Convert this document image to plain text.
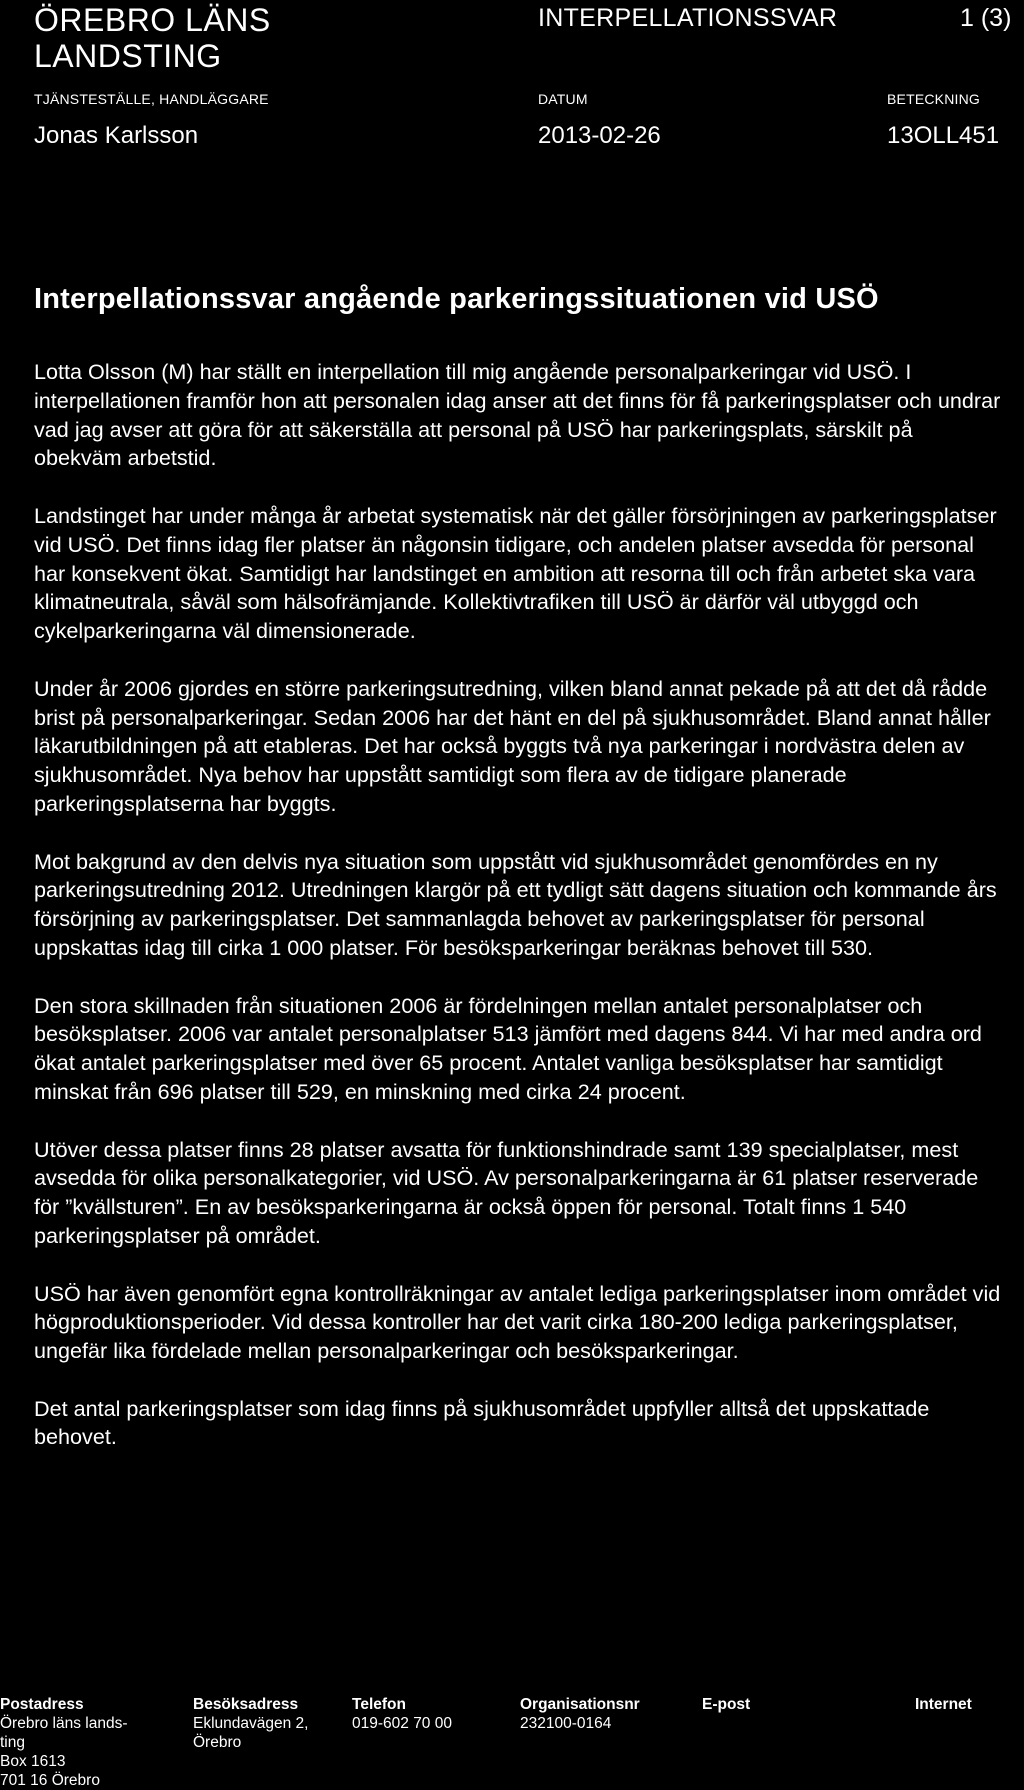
ÖREBRO LÄNS
LANDSTING
INTERPELLATIONSSVAR	1 (3)
TJÄNSTESTÄLLE, HANDLÄGGARE
Jonas Karlsson
DATUM
2013-02-26
BETECKNING
13OLL451
Interpellationssvar angående parkeringssituationen vid USÖ

Lotta Olsson (M) har ställt en interpellation till mig angående personalparkeringar vid USÖ. I interpellationen framför hon att personalen idag anser att det finns för få parkeringsplatser och undrar vad jag avser att göra för att säkerställa att personal på USÖ har parkeringsplats, särskilt på obekväm arbetstid.

Landstinget har under många år arbetat systematisk när det gäller försörjningen av parkeringsplatser vid USÖ. Det finns idag fler platser än någonsin tidigare, och andelen platser avsedda för personal har konsekvent ökat. Samtidigt har landstinget en ambition att resorna till och från arbetet ska vara klimatneutrala, såväl som hälsofrämjande. Kollektivtrafiken till USÖ är därför väl utbyggd och cykelparkeringarna väl dimensionerade.

Under år 2006 gjordes en större parkeringsutredning, vilken bland annat pekade på att det då rådde brist på personalparkeringar. Sedan 2006 har det hänt en del på sjukhusområdet. Bland annat håller läkarutbildningen på att etableras. Det har också byggts två nya parkeringar i nordvästra delen av sjukhusområdet. Nya behov har uppstått samtidigt som flera av de tidigare planerade parkeringsplatserna har byggts.

Mot bakgrund av den delvis nya situation som uppstått vid sjukhusområdet genomfördes en ny parkeringsutredning 2012. Utredningen klargör på ett tydligt sätt dagens situation och kommande års försörjning av parkeringsplatser. Det sammanlagda behovet av parkeringsplatser för personal uppskattas idag till cirka 1 000 platser. För besöksparkeringar beräknas behovet till 530.

Den stora skillnaden från situationen 2006 är fördelningen mellan antalet personalplatser och besöksplatser. 2006 var antalet personalplatser 513 jämfört med dagens 844. Vi har med andra ord ökat antalet parkeringsplatser med över 65 procent. Antalet vanliga besöksplatser har samtidigt minskat från 696 platser till 529, en minskning med cirka 24 procent.

Utöver dessa platser finns 28 platser avsatta för funktionshindrade samt 139 specialplatser, mest avsedda för olika personalkategorier, vid USÖ. Av personalparkeringarna är 61 platser reserverade för ”kvällsturen”. En av besöksparkeringarna är också öppen för personal. Totalt finns 1 540 parkeringsplatser på området.

USÖ har även genomfört egna kontrollräkningar av antalet lediga parkeringsplatser inom området vid högproduktionsperioder. Vid dessa kontroller har det varit cirka 180-200 lediga parkeringsplatser, ungefär lika fördelade mellan personalparkeringar och besöksparkeringar.

Det antal parkeringsplatser som idag finns på sjukhusområdet uppfyller alltså det uppskattade behovet.

Postadress
Örebro läns lands-
ting
Box 1613
701 16 Örebro
Besöksadress
Eklundavägen 2,
Örebro
Telefon
019-602 70 00
Organisationsnr
232100-0164
E-post	Internet
